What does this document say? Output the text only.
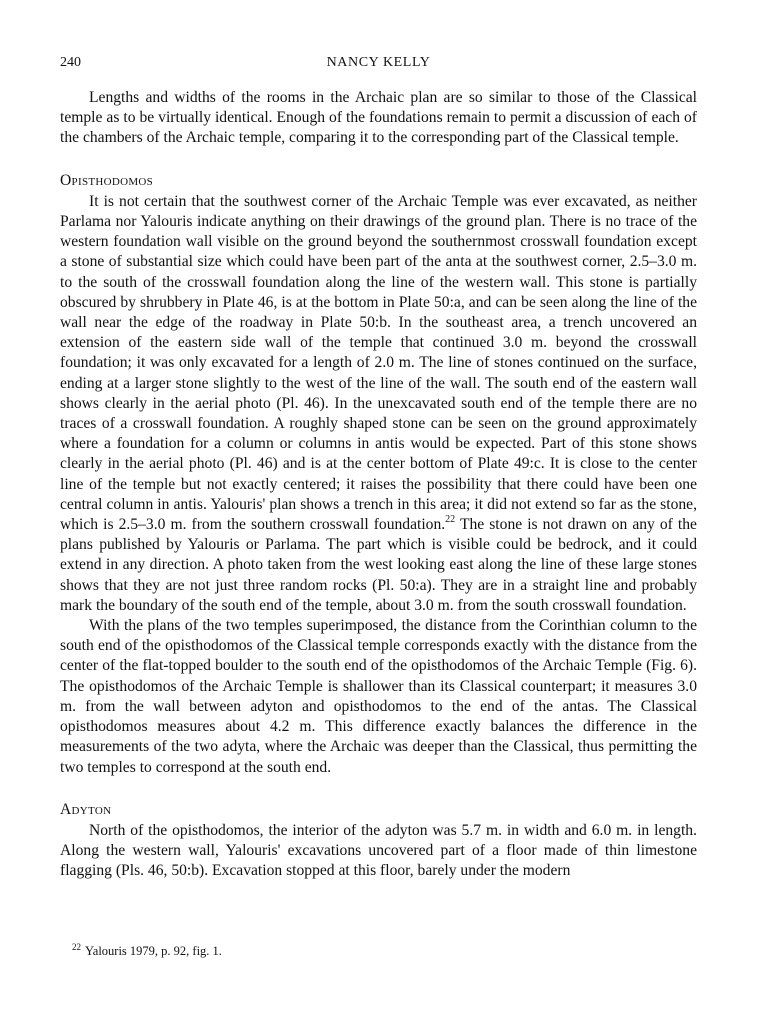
240	NANCY KELLY

Lengths and widths of the rooms in the Archaic plan are so similar to those of the Classical temple as to be virtually identical. Enough of the foundations remain to permit a discussion of each of the chambers of the Archaic temple, comparing it to the corresponding part of the Classical temple.

Opisthodomos

It is not certain that the southwest corner of the Archaic Temple was ever excavated, as neither Parlama nor Yalouris indicate anything on their drawings of the ground plan. There is no trace of the western foundation wall visible on the ground beyond the southernmost crosswall foundation except a stone of substantial size which could have been part of the anta at the southwest corner, 2.5–3.0 m. to the south of the crosswall foundation along the line of the western wall. This stone is partially obscured by shrubbery in Plate 46, is at the bottom in Plate 50:a, and can be seen along the line of the wall near the edge of the roadway in Plate 50:b. In the southeast area, a trench uncovered an extension of the eastern side wall of the temple that continued 3.0 m. beyond the crosswall foundation; it was only excavated for a length of 2.0 m. The line of stones continued on the surface, ending at a larger stone slightly to the west of the line of the wall. The south end of the eastern wall shows clearly in the aerial photo (Pl. 46). In the unexcavated south end of the temple there are no traces of a crosswall foundation. A roughly shaped stone can be seen on the ground approximately where a foundation for a column or columns in antis would be expected. Part of this stone shows clearly in the aerial photo (Pl. 46) and is at the center bottom of Plate 49:c. It is close to the center line of the temple but not exactly centered; it raises the possibility that there could have been one central column in antis. Yalouris' plan shows a trench in this area; it did not extend so far as the stone, which is 2.5–3.0 m. from the southern crosswall foundation.$^{22}$ The stone is not drawn on any of the plans published by Yalouris or Parlama. The part which is visible could be bedrock, and it could extend in any direction. A photo taken from the west looking east along the line of these large stones shows that they are not just three random rocks (Pl. 50:a). They are in a straight line and probably mark the boundary of the south end of the temple, about 3.0 m. from the south crosswall foundation.

With the plans of the two temples superimposed, the distance from the Corinthian column to the south end of the opisthodomos of the Classical temple corresponds exactly with the distance from the center of the flat-topped boulder to the south end of the opisthodomos of the Archaic Temple (Fig. 6). The opisthodomos of the Archaic Temple is shallower than its Classical counterpart; it measures 3.0 m. from the wall between adyton and opisthodomos to the end of the antas. The Classical opisthodomos measures about 4.2 m. This difference exactly balances the difference in the measurements of the two adyta, where the Archaic was deeper than the Classical, thus permitting the two temples to correspond at the south end.

Adyton

North of the opisthodomos, the interior of the adyton was 5.7 m. in width and 6.0 m. in length. Along the western wall, Yalouris' excavations uncovered part of a floor made of thin limestone flagging (Pls. 46, 50:b). Excavation stopped at this floor, barely under the modern

$^{22}$ Yalouris 1979, p. 92, fig. 1.
